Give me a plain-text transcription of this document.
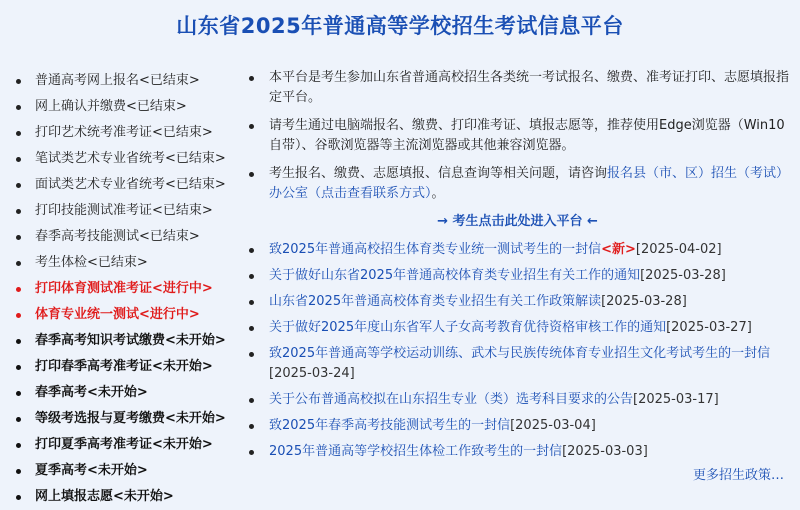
山东省2025年普通高等学校招生考试信息平台
普通高考网上报名<已结束>
网上确认并缴费<已结束>
打印艺术统考准考证<已结束>
笔试类艺术专业省统考<已结束>
面试类艺术专业省统考<已结束>
打印技能测试准考证<已结束>
春季高考技能测试<已结束>
考生体检<已结束>
打印体育测试准考证<进行中>
体育专业统一测试<进行中>
春季高考知识考试缴费<未开始>
打印春季高考准考证<未开始>
春季高考<未开始>
等级考选报与夏考缴费<未开始>
打印夏季高考准考证<未开始>
夏季高考<未开始>
网上填报志愿<未开始>
本平台是考生参加山东省普通高校招生各类统一考试报名、缴费、准考证打印、志愿填报指定平台。
请考生通过电脑端报名、缴费、打印准考证、填报志愿等，推荐使用Edge浏览器（Win10自带）、谷歌浏览器等主流浏览器或其他兼容浏览器。
考生报名、缴费、志愿填报、信息查询等相关问题，请咨询报名县（市、区）招生（考试）办公室（点击查看联系方式）。
→ 考生点击此处进入平台 ←
致2025年普通高校招生体育类专业统一测试考生的一封信<新>[2025-04-02]
关于做好山东省2025年普通高校体育类专业招生有关工作的通知[2025-03-28]
山东省2025年普通高校体育类专业招生有关工作政策解读[2025-03-28]
关于做好2025年度山东省军人子女高考教育优待资格审核工作的通知[2025-03-27]
致2025年普通高等学校运动训练、武术与民族传统体育专业招生文化考试考生的一封信[2025-03-24]
关于公布普通高校拟在山东招生专业（类）选考科目要求的公告[2025-03-17]
致2025年春季高考技能测试考生的一封信[2025-03-04]
2025年普通高等学校招生体检工作致考生的一封信[2025-03-03]
更多招生政策…
